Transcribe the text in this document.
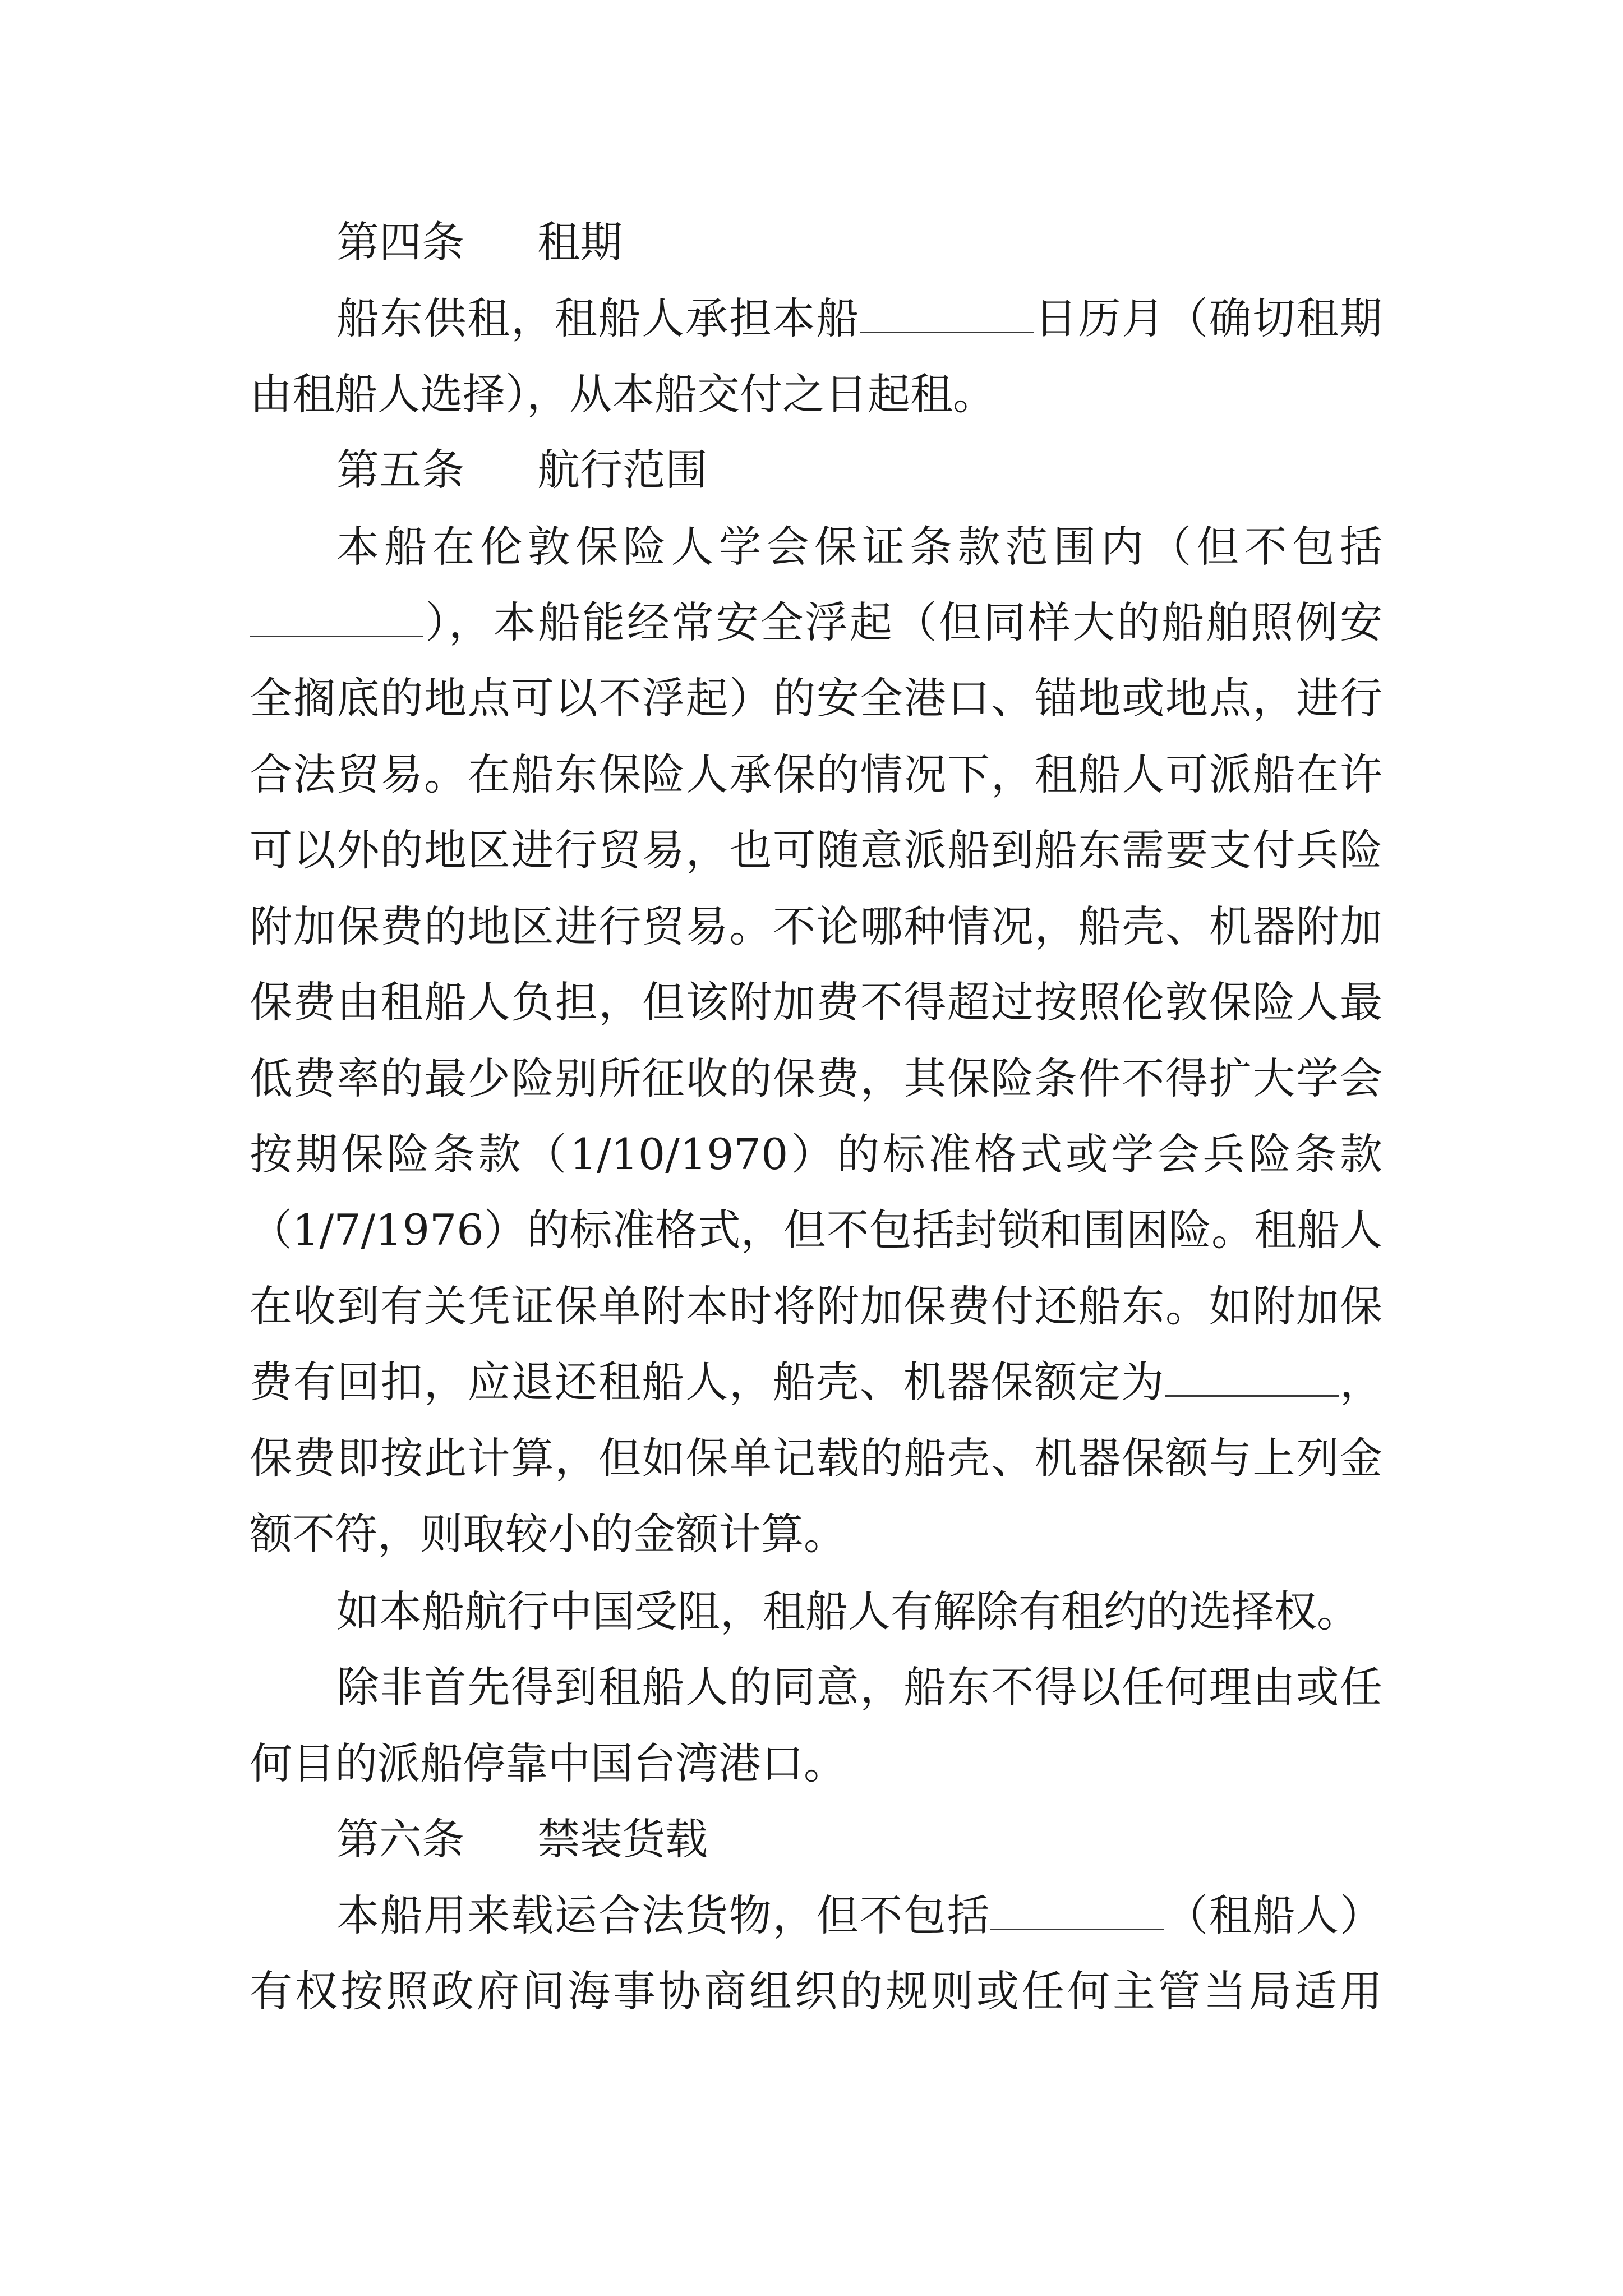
第四条 租期
船东供租，租船人承担本船	日历月（确切租期
由租船人选择），从本船交付之日起租。
第五条 航行范围
本船在伦敦保险人学会保证条款范围内（但不包括
），本船能经常安全浮起（但同样大的船舶照例安
全搁底的地点可以不浮起）的安全港口、锚地或地点，进行
合法贸易。在船东保险人承保的情况下，租船人可派船在许
可以外的地区进行贸易，也可随意派船到船东需要支付兵险
附加保费的地区进行贸易。不论哪种情况，船壳、机器附加
保费由租船人负担，但该附加费不得超过按照伦敦保险人最
低费率的最少险别所征收的保费，其保险条件不得扩大学会
按期保险条款（1/10/1970）的标准格式或学会兵险条款
（1/7/1976）的标准格式，但不包括封锁和围困险。租船人
在收到有关凭证保单附本时将附加保费付还船东。如附加保
费有回扣，应退还租船人，船壳、机器保额定为	，
保费即按此计算，但如保单记载的船壳、机器保额与上列金
额不符，则取较小的金额计算。
如本船航行中国受阻，租船人有解除有租约的选择权。
除非首先得到租船人的同意，船东不得以任何理由或任
何目的派船停靠中国台湾港口。
第六条 禁装货载
本船用来载运合法货物，但不包括	（租船人）
有权按照政府间海事协商组织的规则或任何主管当局适用
